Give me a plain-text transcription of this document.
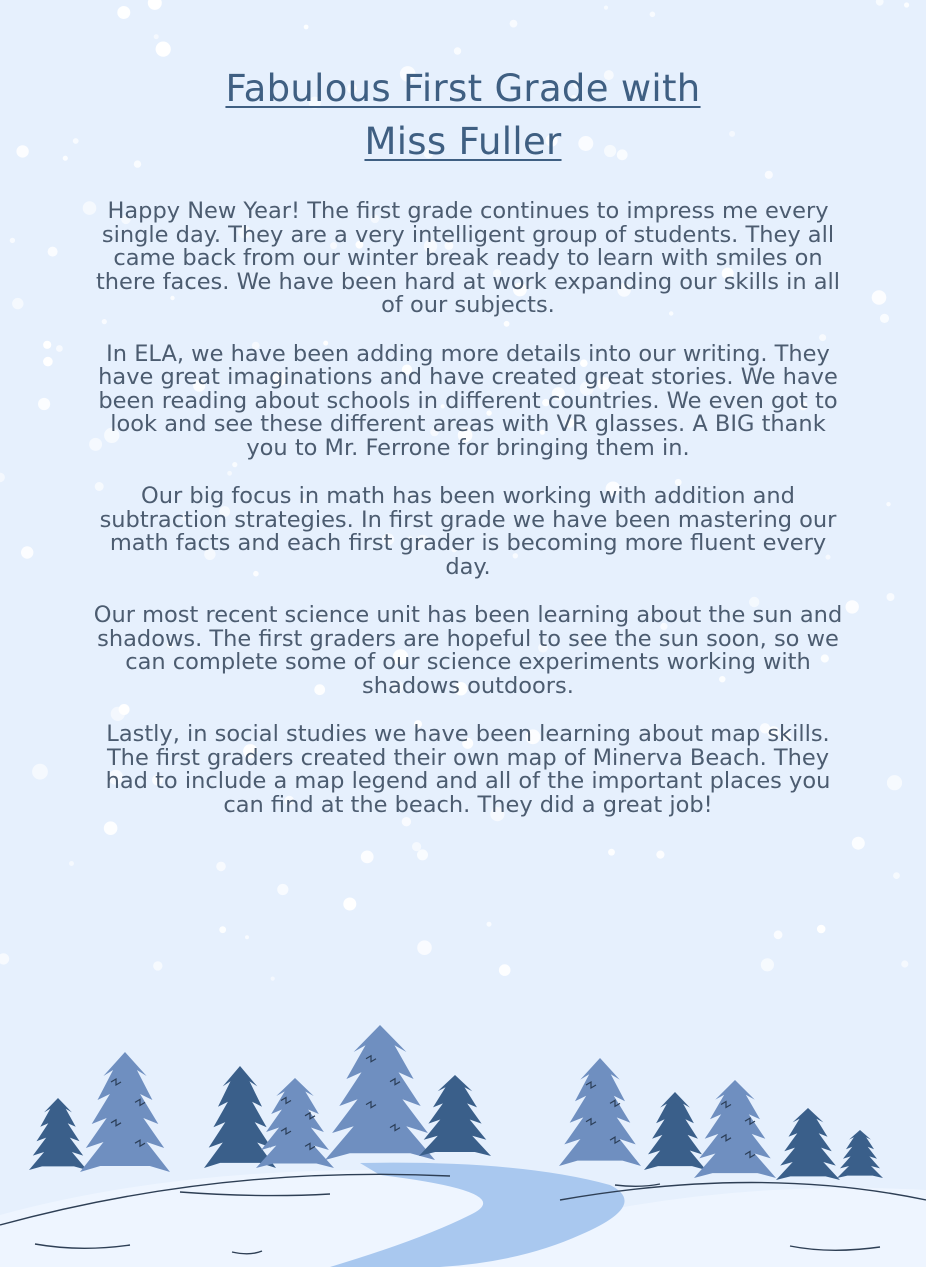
Fabulous First Grade with
Miss Fuller

Happy New Year! The first grade continues to impress me every single day. They are a very intelligent group of students. They all came back from our winter break ready to learn with smiles on there faces. We have been hard at work expanding our skills in all of our subjects.

In ELA, we have been adding more details into our writing. They have great imaginations and have created great stories. We have been reading about schools in different countries. We even got to look and see these different areas with VR glasses. A BIG thank you to Mr. Ferrone for bringing them in.

Our big focus in math has been working with addition and subtraction strategies. In first grade we have been mastering our math facts and each first grader is becoming more fluent every day.

Our most recent science unit has been learning about the sun and shadows. The first graders are hopeful to see the sun soon, so we can complete some of our science experiments working with shadows outdoors.

Lastly, in social studies we have been learning about map skills. The first graders created their own map of Minerva Beach. They had to include a map legend and all of the important places you can find at the beach. They did a great job!
